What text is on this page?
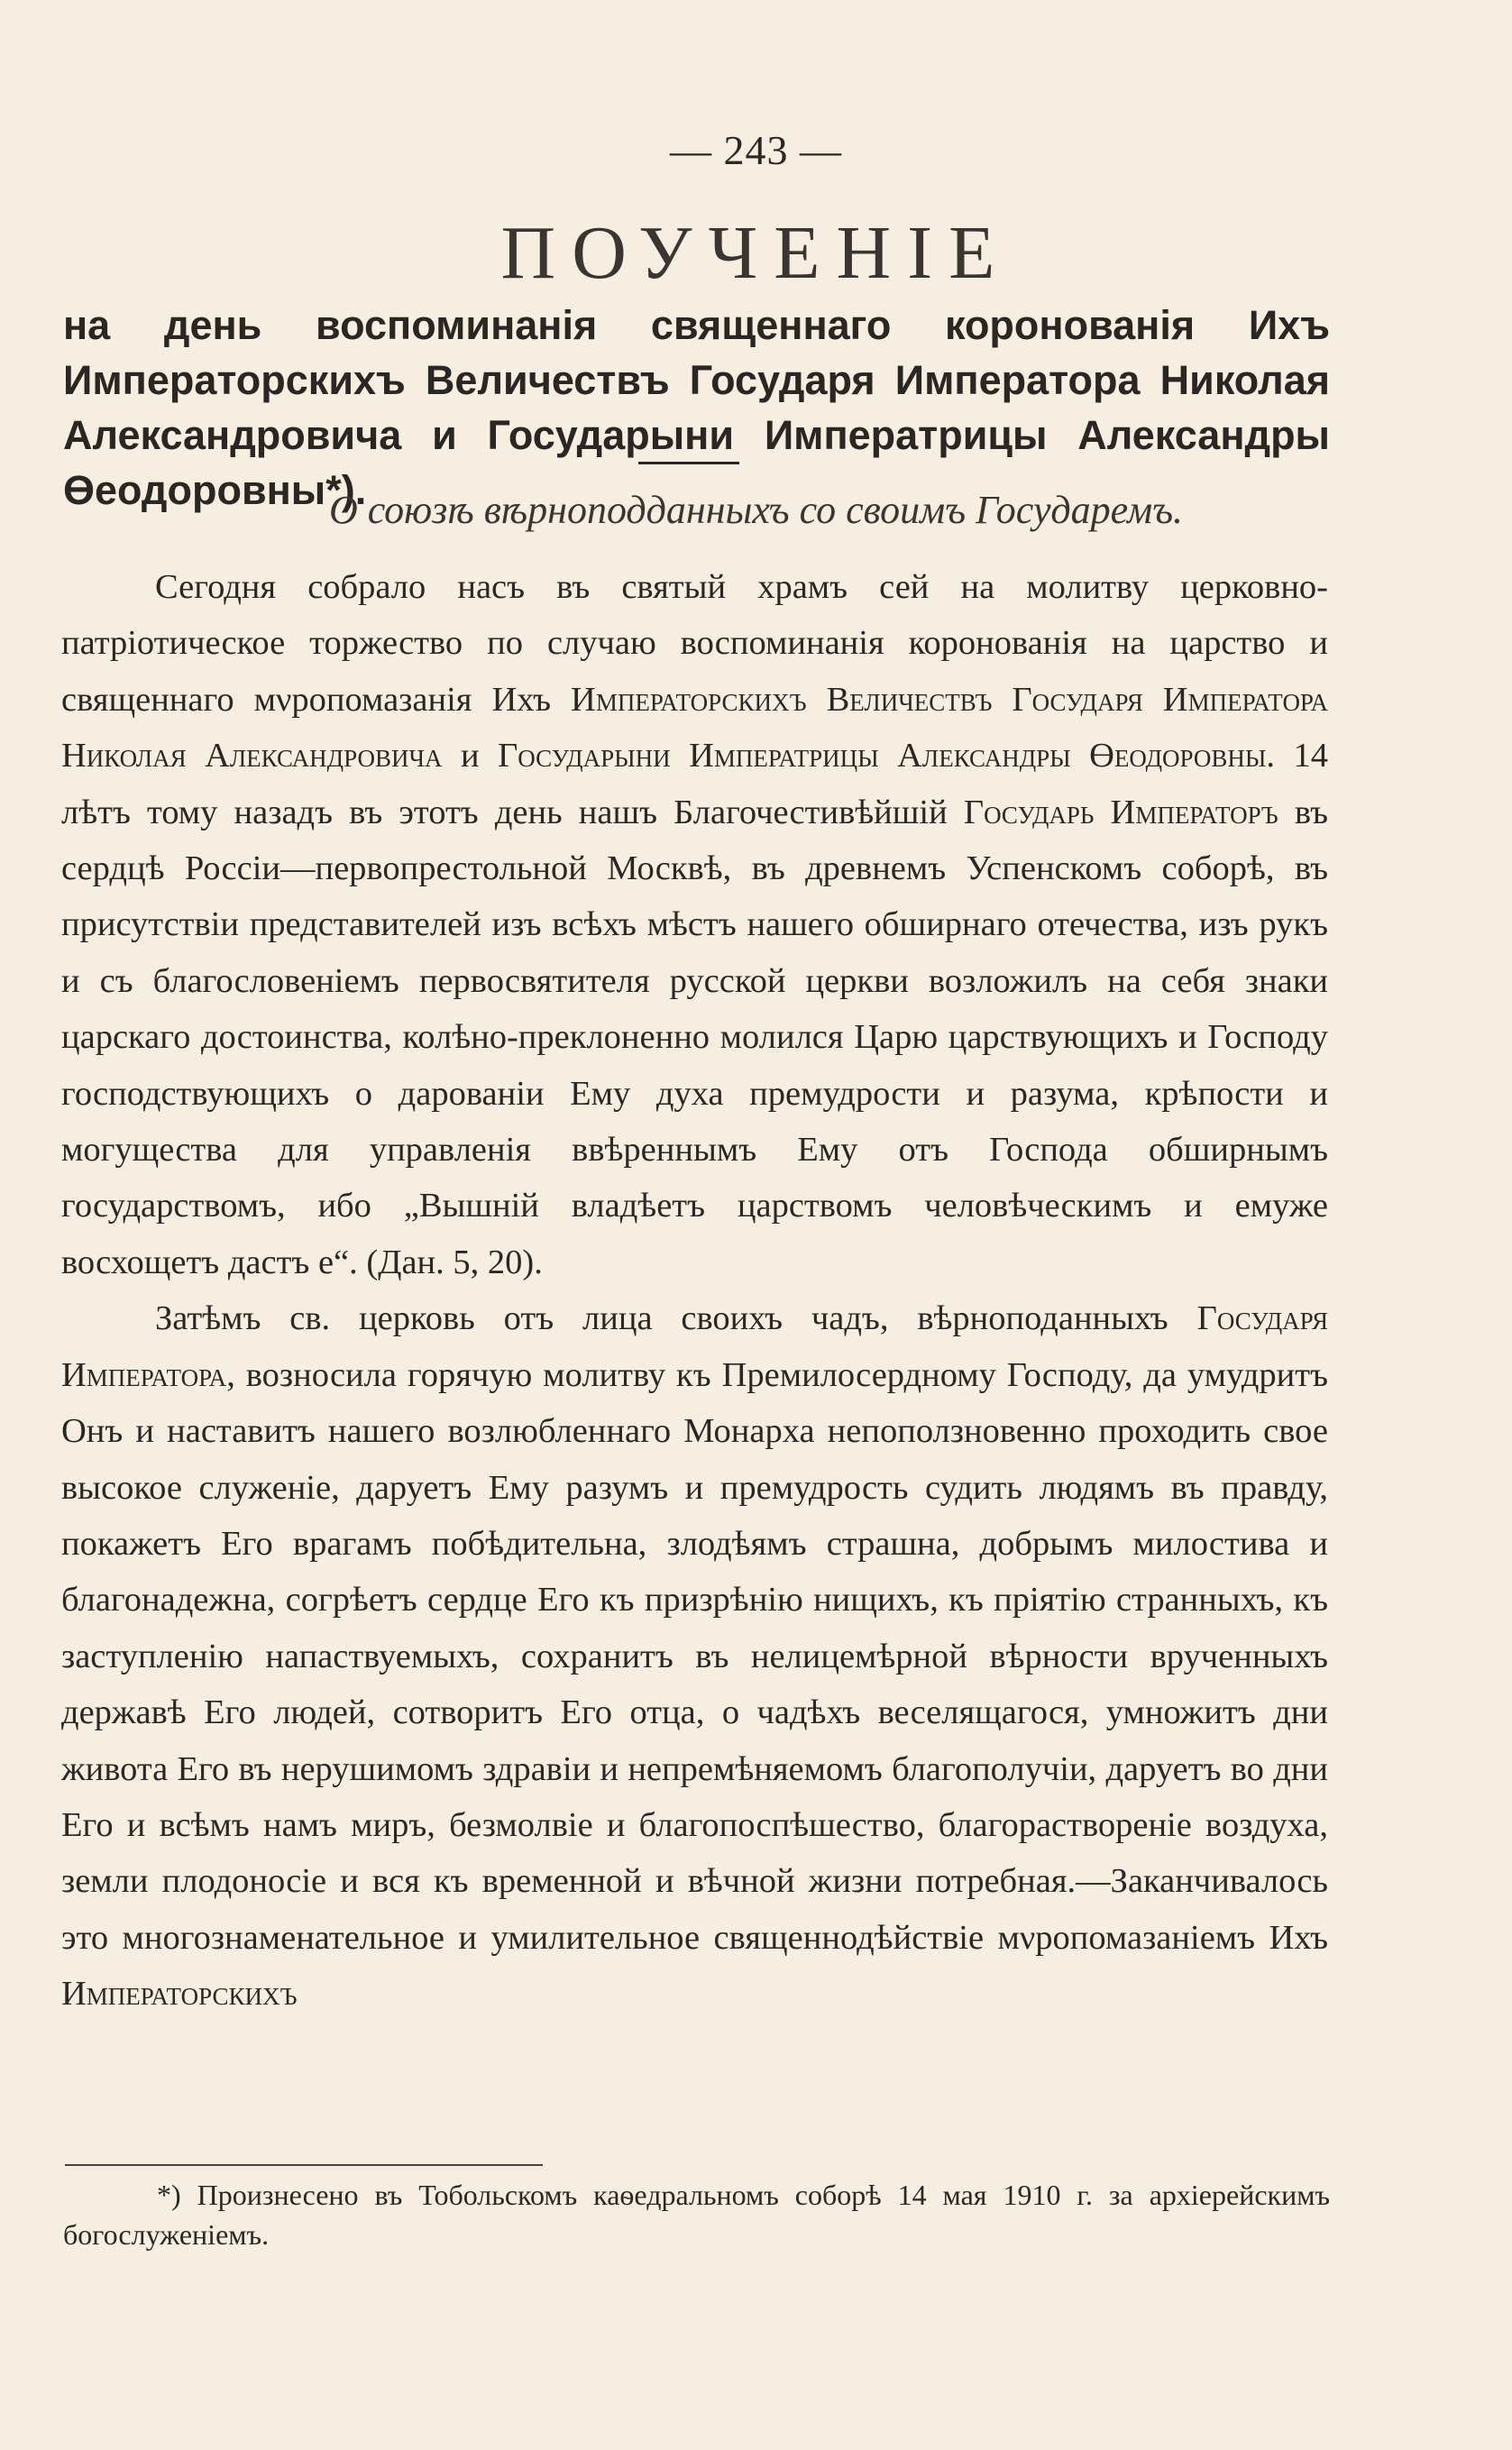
— 243 —
ПОУЧЕНІЕ
на день воспоминанія священнаго коронованія Ихъ Императорскихъ Величествъ Государя Императора Николая Александровича и Государыни Императрицы Александры Өеодоровны*).
О союзѣ вѣрноподданныхъ со своимъ Государемъ.

Сегодня собрало насъ въ святый храмъ сей на молитву церковно-патріотическое торжество по случаю воспоминанія коронованія на царство и священнаго мνропомазанія Ихъ Императорскихъ Величествъ Государя Императора Николая Александровича и Государыни Императрицы Александры Өеодоровны. 14 лѣтъ тому назадъ въ этотъ день нашъ Благочестивѣйшій Государь Императоръ въ сердцѣ Россіи—первопрестольной Москвѣ, въ древнемъ Успенскомъ соборѣ, въ присутствіи представителей изъ всѣхъ мѣстъ нашего обширнаго отечества, изъ рукъ и съ благословеніемъ первосвятителя русской церкви возложилъ на себя знаки царскаго достоинства, колѣно-преклоненно молился Царю царствующихъ и Господу господствующихъ о дарованіи Ему духа премудрости и разума, крѣпости и могущества для управленія ввѣреннымъ Ему отъ Господа обширнымъ государствомъ, ибо „Вышній владѣетъ царствомъ человѣческимъ и емуже восхощетъ дастъ е“. (Дан. 5, 20).

Затѣмъ св. церковь отъ лица своихъ чадъ, вѣрноподанныхъ Государя Императора, возносила горячую молитву къ Премилосердному Господу, да умудритъ Онъ и наставитъ нашего возлюбленнаго Монарха непоползновенно проходить свое высокое служеніе, даруетъ Ему разумъ и премудрость судить людямъ въ правду, покажетъ Его врагамъ побѣдительна, злодѣямъ страшна, добрымъ милостива и благонадежна, согрѣетъ сердце Его къ призрѣнію нищихъ, къ пріятію странныхъ, къ заступленію напаствуемыхъ, сохранитъ въ нелицемѣрной вѣрности врученныхъ державѣ Его людей, сотворитъ Его отца, о чадѣхъ веселящагося, умножитъ дни живота Его въ нерушимомъ здравіи и непремѣняемомъ благополучіи, даруетъ во дни Его и всѣмъ намъ миръ, безмолвіе и благопоспѣшество, благораствореніе воздуха, земли плодоносіе и вся къ временной и вѣчной жизни потребная.—Заканчивалось это многознаменательное и умилительное священнодѣйствіе мνропомазаніемъ Ихъ Императорскихъ

*) Произнесено въ Тобольскомъ каѳедральномъ соборѣ 14 мая 1910 г. за архіерейскимъ богослуженіемъ.
